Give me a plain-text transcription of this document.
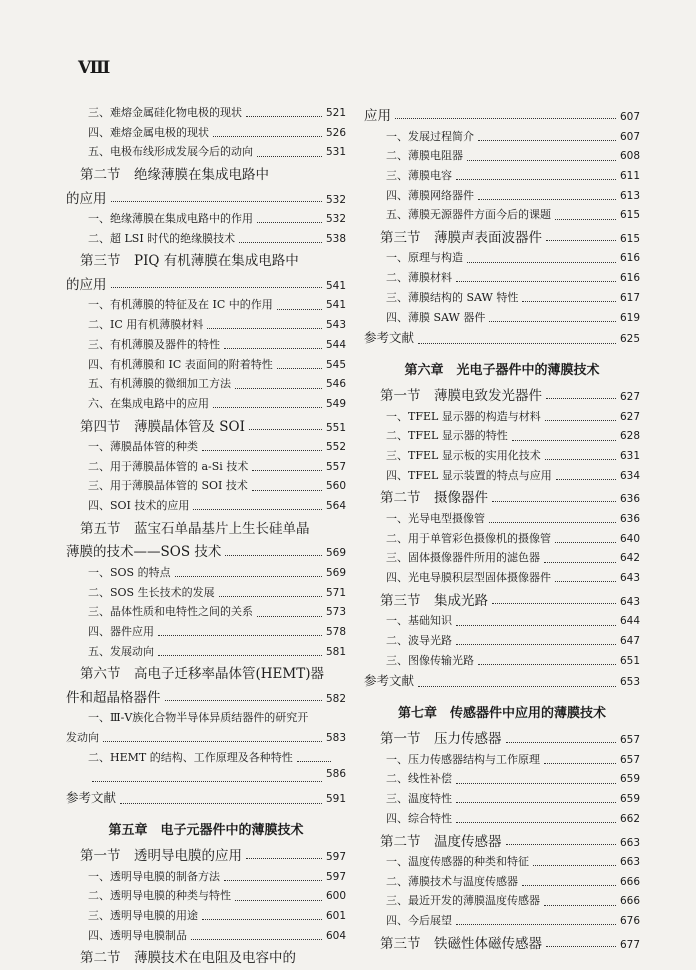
Ⅷ
三、难熔金属硅化物电极的现状	521
四、难熔金属电极的现状	526
五、电极布线形成发展今后的动向	531
第二节　绝缘薄膜在集成电路中
的应用	532
一、绝缘薄膜在集成电路中的作用	532
二、超 LSI 时代的绝缘膜技术	538
第三节　PIQ 有机薄膜在集成电路中
的应用	541
一、有机薄膜的特征及在 IC 中的作用	541
二、IC 用有机薄膜材料	543
三、有机薄膜及器件的特性	544
四、有机薄膜和 IC 表面间的附着特性	545
五、有机薄膜的微细加工方法	546
六、在集成电路中的应用	549
第四节　薄膜晶体管及 SOI	551
一、薄膜晶体管的种类	552
二、用于薄膜晶体管的 a-Si 技术	557
三、用于薄膜晶体管的 SOI 技术	560
四、SOI 技术的应用	564
第五节　蓝宝石单晶基片上生长硅单晶
薄膜的技术——SOS 技术	569
一、SOS 的特点	569
二、SOS 生长技术的发展	571
三、晶体性质和电特性之间的关系	573
四、器件应用	578
五、发展动向	581
第六节　高电子迁移率晶体管(HEMT)器
件和超晶格器件	582
一、Ⅲ-Ⅴ族化合物半导体异质结器件的研究开
发动向	583
二、HEMT 的结构、工作原理及各种特性
586
参考文献	591
第五章　电子元器件中的薄膜技术
第一节　透明导电膜的应用	597
一、透明导电膜的制备方法	597
二、透明导电膜的种类与特性	600
三、透明导电膜的用途	601
四、透明导电膜制品	604
第二节　薄膜技术在电阻及电容中的
应用	607
一、发展过程简介	607
二、薄膜电阻器	608
三、薄膜电容	611
四、薄膜网络器件	613
五、薄膜无源器件方面今后的课题	615
第三节　薄膜声表面波器件	615
一、原理与构造	616
二、薄膜材料	616
三、薄膜结构的 SAW 特性	617
四、薄膜 SAW 器件	619
参考文献	625
第六章　光电子器件中的薄膜技术
第一节　薄膜电致发光器件	627
一、TFEL 显示器的构造与材料	627
二、TFEL 显示器的特性	628
三、TFEL 显示板的实用化技术	631
四、TFEL 显示装置的特点与应用	634
第二节　摄像器件	636
一、光导电型摄像管	636
二、用于单管彩色摄像机的摄像管	640
三、固体摄像器件所用的滤色器	642
四、光电导膜积层型固体摄像器件	643
第三节　集成光路	643
一、基础知识	644
二、波导光路	647
三、图像传输光路	651
参考文献	653
第七章　传感器件中应用的薄膜技术
第一节　压力传感器	657
一、压力传感器结构与工作原理	657
二、线性补偿	659
三、温度特性	659
四、综合特性	662
第二节　温度传感器	663
一、温度传感器的种类和特征	663
二、薄膜技术与温度传感器	666
三、最近开发的薄膜温度传感器	666
四、今后展望	676
第三节　铁磁性体磁传感器	677
